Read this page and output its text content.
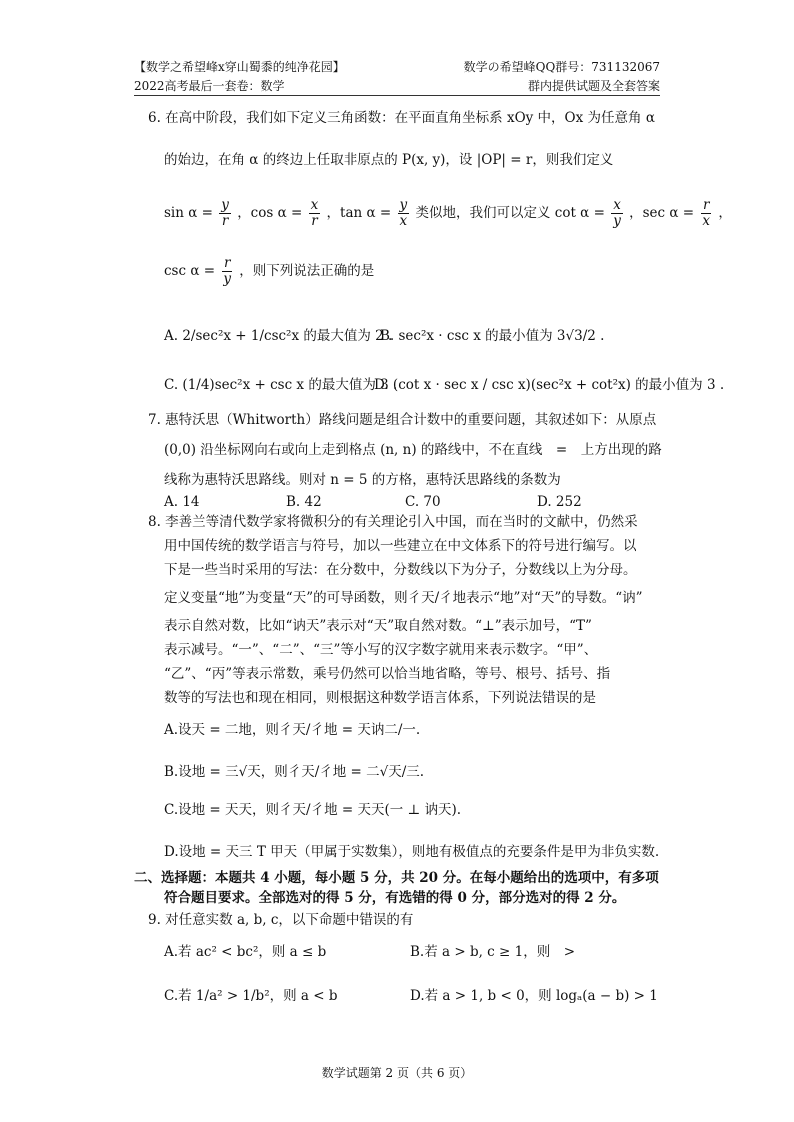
【数学之希望峰x穿山蜀黍的纯净花园】
2022高考最后一套卷：数学
数学の希望峰QQ群号：731132067
群内提供试题及全套答案
6. 在高中阶段，我们如下定义三角函数：在平面直角坐标系 xOy 中，Ox 为任意角 α
的始边，在角 α 的终边上任取非原点的 P(x, y)，设 |OP| = r，则我们定义
$\sin \alpha = \frac{y}{r}$ ，$\cos \alpha = \frac{x}{r}$ ，$\tan \alpha = \frac{y}{x}$ 类似地，我们可以定义 $\cot \alpha = \frac{x}{y}$ ，$\sec \alpha = \frac{r}{x}$ ，
$\csc \alpha = \frac{r}{y}$ ，则下列说法正确的是
A. 2/sec²x + 1/csc²x 的最大值为 2 .
B. sec²x · csc x 的最小值为 3√3/2 .
C. (1/4)sec²x + csc x 的最大值为 3 .
D. (cot x · sec x / csc x)(sec²x + cot²x) 的最小值为 3 .
7. 惠特沃思（Whitworth）路线问题是组合计数中的重要问题，其叙述如下：从原点
(0,0) 沿坐标网向右或向上走到格点 (n, n) 的路线中，不在直线　=　上方出现的路
线称为惠特沃思路线。则对 n = 5 的方格，惠特沃思路线的条数为
A. 14	B. 42	C. 70	D. 252
8. 李善兰等清代数学家将微积分的有关理论引入中国，而在当时的文献中，仍然采
用中国传统的数学语言与符号，加以一些建立在中文体系下的符号进行编写。以
下是一些当时采用的写法：在分数中，分数线以下为分子，分数线以上为分母。
定义变量“地”为变量“天”的可导函数，则彳天/彳地表示“地”对“天”的导数。“讷”
表示自然对数，比如“讷天”表示对“天”取自然对数。“⊥”表示加号，“T”
表示减号。“一”、“二”、“三”等小写的汉字数字就用来表示数字。“甲”、
“乙”、“丙”等表示常数，乘号仍然可以恰当地省略，等号、根号、括号、指
数等的写法也和现在相同，则根据这种数学语言体系，下列说法错误的是
A.设天 = 二地，则彳天/彳地 = 天讷二/一.
B.设地 = 三√天，则彳天/彳地 = 二√天/三.
C.设地 = 天天，则彳天/彳地 = 天天(一 ⊥ 讷天).
D.设地 = 天三 T 甲天（甲属于实数集），则地有极值点的充要条件是甲为非负实数.
二、选择题：本题共 4 小题，每小题 5 分，共 20 分。在每小题给出的选项中，有多项
符合题目要求。全部选对的得 5 分，有选错的得 0 分，部分选对的得 2 分。
9. 对任意实数 a, b, c，以下命题中错误的有
A.若 ac² < bc²，则 a ≤ b	B.若 a > b, c ≥ 1，则　>
C.若 1/a² > 1/b²，则 a < b	D.若 a > 1, b < 0，则 logₐ(a − b) > 1
数学试题第 2 页（共 6 页）
